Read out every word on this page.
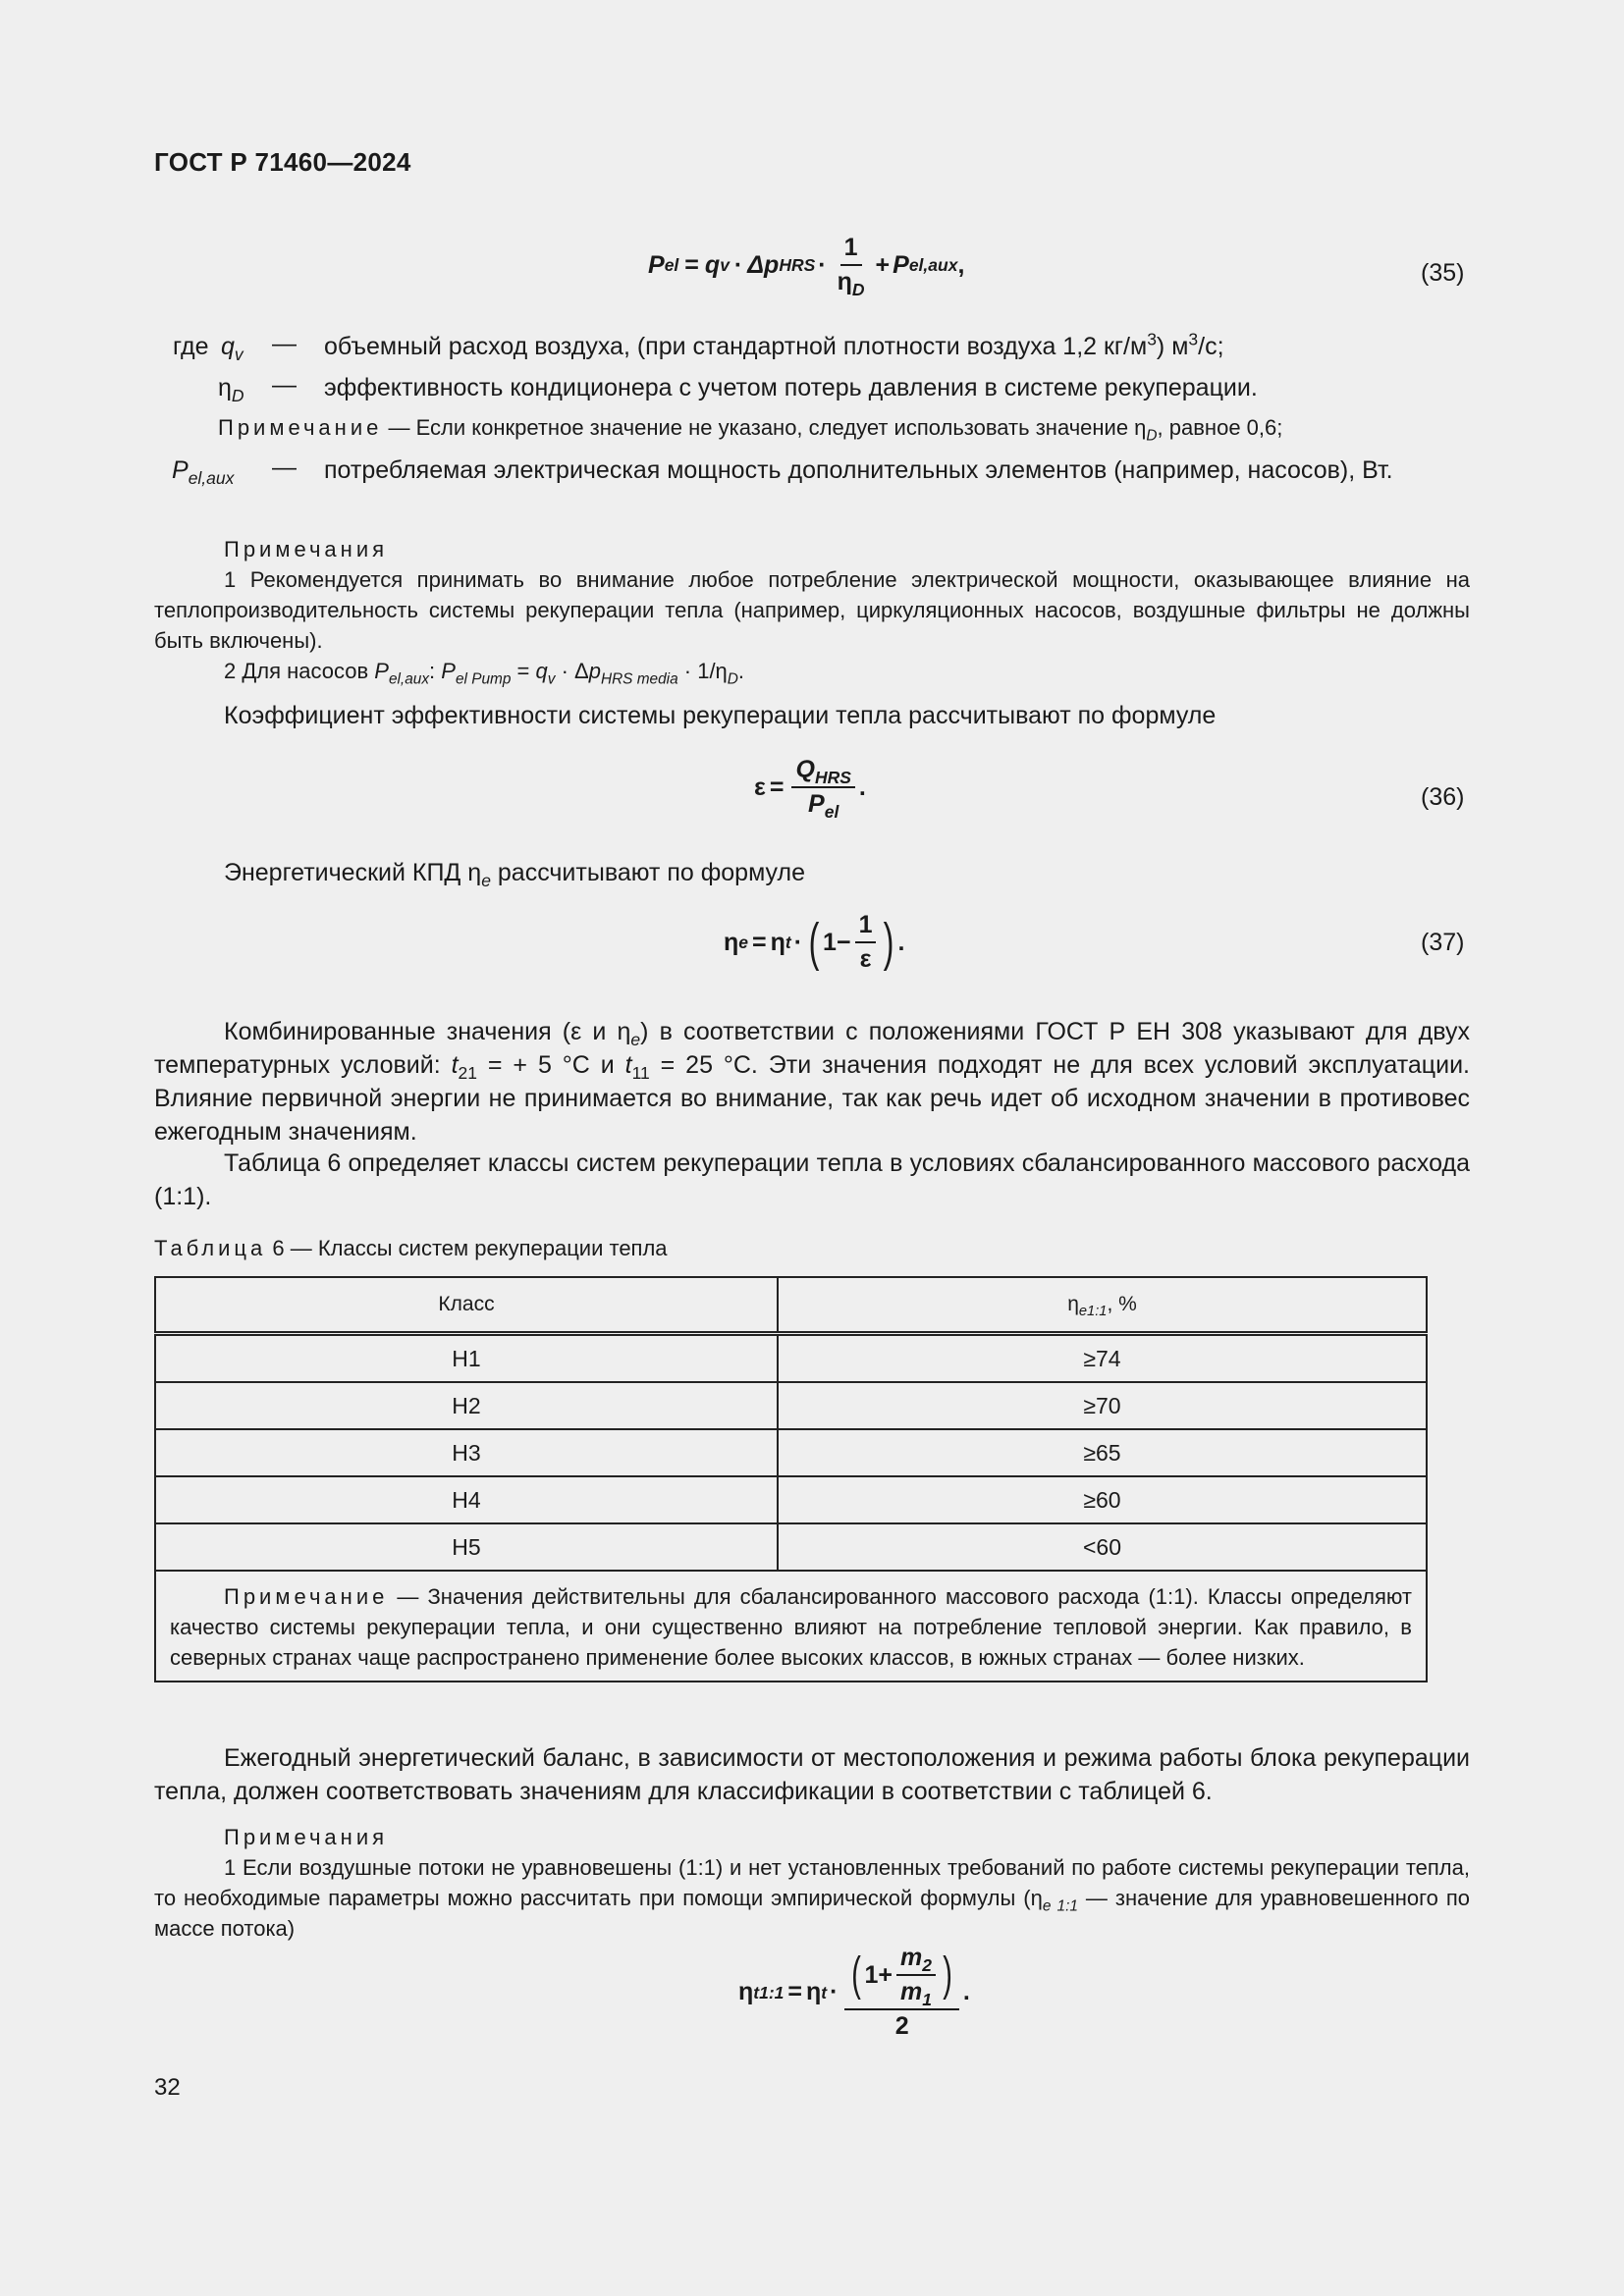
ГОСТ Р 71460—2024
P el = q v · Δp HRS · $\frac{1}{\eta_D} + P$ el,aux ,	(35)
где $q_v$ — объемный расход воздуха, (при стандартной плотности воздуха 1,2 $кг/м^3$) $м^3/с$;
$\eta_D$ — эффективность кондиционера с учетом потерь давления в системе рекуперации.
Примечание — Если конкретное значение не указано, следует использовать значение $\eta_D$, равное 0,6;
$P_{el,aux}$ — потребляемая электрическая мощность дополнительных элементов (например, насосов), Вт.
Примечания
1 Рекомендуется принимать во внимание любое потребление электрической мощности, оказывающее влияние на теплопроизводительность системы рекуперации тепла (например, циркуляционных насосов, воздушные фильтры не должны быть включены).
2 Для насосов $P_{el,aux}$: $P_{el Pump} = q_v \cdot \Delta p_{HRS media} \cdot 1/\eta_D$.
Коэффициент эффективности системы рекуперации тепла рассчитывают по формуле
$\varepsilon = \frac{Q_{HRS}}{P_{el}}$ .	(36)
Энергетический КПД $\eta_e$ рассчитывают по формуле
η e = η t · ( $1- \frac{1}{\varepsilon}$ ) .	(37)
Комбинированные значения (ε и $\eta_e$) в соответствии с положениями ГОСТ Р ЕН 308 указывают для двух температурных условий: $t_{21}$ = + 5 °С и $t_{11} = 25$ °С. Эти значения подходят не для всех условий эксплуатации. Влияние первичной энергии не принимается во внимание, так как речь идет об исходном значении в противовес ежегодным значениям.
Таблица 6 определяет классы систем рекуперации тепла в условиях сбалансированного массового расхода (1:1).
Таблица 6 — Классы систем рекуперации тепла
Класс	$\eta_{e1:1}$, %
H1	≥74
H2	≥70
H3	≥65
H4	≥60
H5	<60
Примечание — Значения действительны для сбалансированного массового расхода (1:1). Классы определяют качество системы рекуперации тепла, и они существенно влияют на потребление тепловой энергии. Как правило, в северных странах чаще распространено применение более высоких классов, в южных странах — более низких.	
Ежегодный энергетический баланс, в зависимости от местоположения и режима работы блока рекуперации тепла, должен соответствовать значениям для классификации в соответствии с таблицей 6.
Примечания
1 Если воздушные потоки не уравновешены (1:1) и нет установленных требований по работе системы рекуперации тепла, то необходимые параметры можно рассчитать при помощи эмпирической формулы ($\eta_{e 1:1}$ — значение для уравновешенного по массе потока)
η t1:1 = η t · ( $1+ \frac{m_2}{m_1}$ )
2
.
32
